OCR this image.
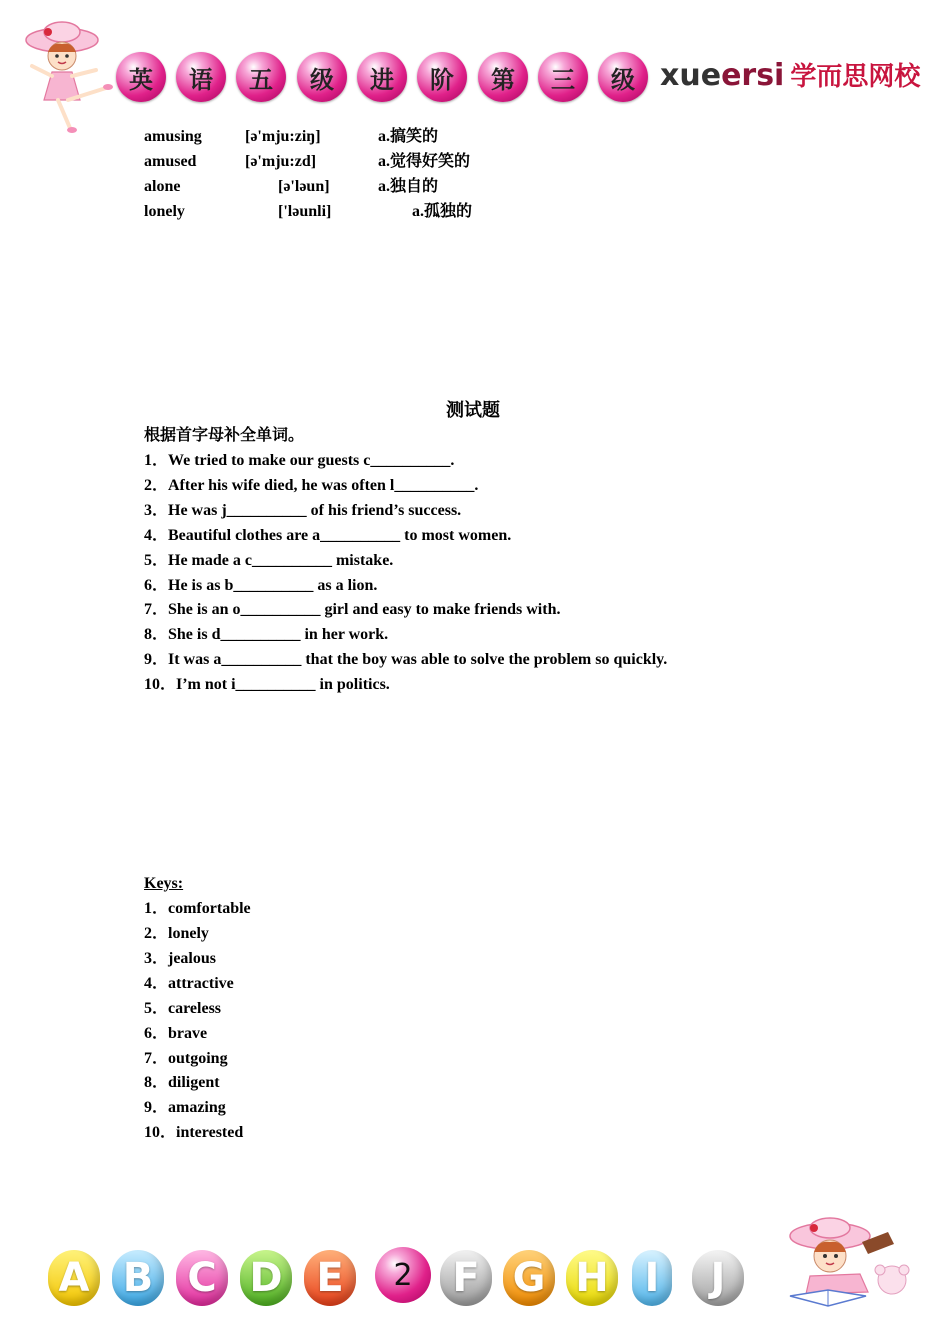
英 语 五 级 进 阶 第 三 级 xueersi 学而思网校
amusing	[ə'mju:ziŋ]	a.搞笑的
amused	[ə'mju:zd]	a.觉得好笑的
alone	[ə'ləun]	a.独自的
lonely	['ləunli]	a.孤独的
测试题
根据首字母补全单词。
1．We tried to make our guests c__________.
2．After his wife died, he was often l__________.
3．He was j__________ of his friend’s success.
4．Beautiful clothes are a__________ to most women.
5．He made a c__________ mistake.
6．He is as b__________ as a lion.
7．She is an o__________ girl and easy to make friends with.
8．She is d__________ in her work.
9．It was a__________ that the boy was able to solve the problem so quickly.
10．I’m not i__________ in politics.
Keys:
1．comfortable
2．lonely
3．jealous
4．attractive
5．careless
6．brave
7．outgoing
8．diligent
9．amazing
10．interested
A B C D E	2 F G H I	J
